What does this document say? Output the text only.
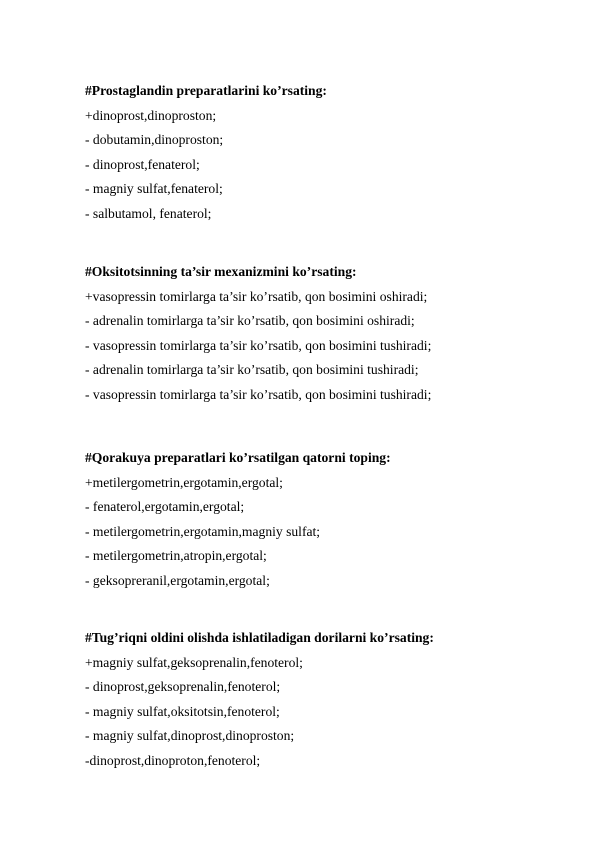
#Prostaglandin preparatlarini ko’rsating:
+dinoprost,dinoproston;
- dobutamin,dinoproston;
- dinoprost,fenaterol;
- magniy sulfat,fenaterol;
- salbutamol, fenaterol;
#Oksitotsinning ta’sir mexanizmini ko’rsating:
+vasopressin tomirlarga ta’sir ko’rsatib, qon bosimini oshiradi;
- adrenalin tomirlarga ta’sir ko’rsatib, qon bosimini oshiradi;
- vasopressin tomirlarga ta’sir ko’rsatib, qon bosimini tushiradi;
- adrenalin tomirlarga ta’sir ko’rsatib, qon bosimini tushiradi;
- vasopressin tomirlarga ta’sir ko’rsatib, qon bosimini tushiradi;
#Qorakuya preparatlari ko’rsatilgan qatorni toping:
+metilergometrin,ergotamin,ergotal;
- fenaterol,ergotamin,ergotal;
- metilergometrin,ergotamin,magniy sulfat;
- metilergometrin,atropin,ergotal;
- geksopreranil,ergotamin,ergotal;
#Tug’riqni oldini olishda ishlatiladigan dorilarni ko’rsating:
+magniy sulfat,geksoprenalin,fenoterol;
- dinoprost,geksoprenalin,fenoterol;
- magniy sulfat,oksitotsin,fenoterol;
- magniy sulfat,dinoprost,dinoproston;
-dinoprost,dinoproton,fenoterol;
